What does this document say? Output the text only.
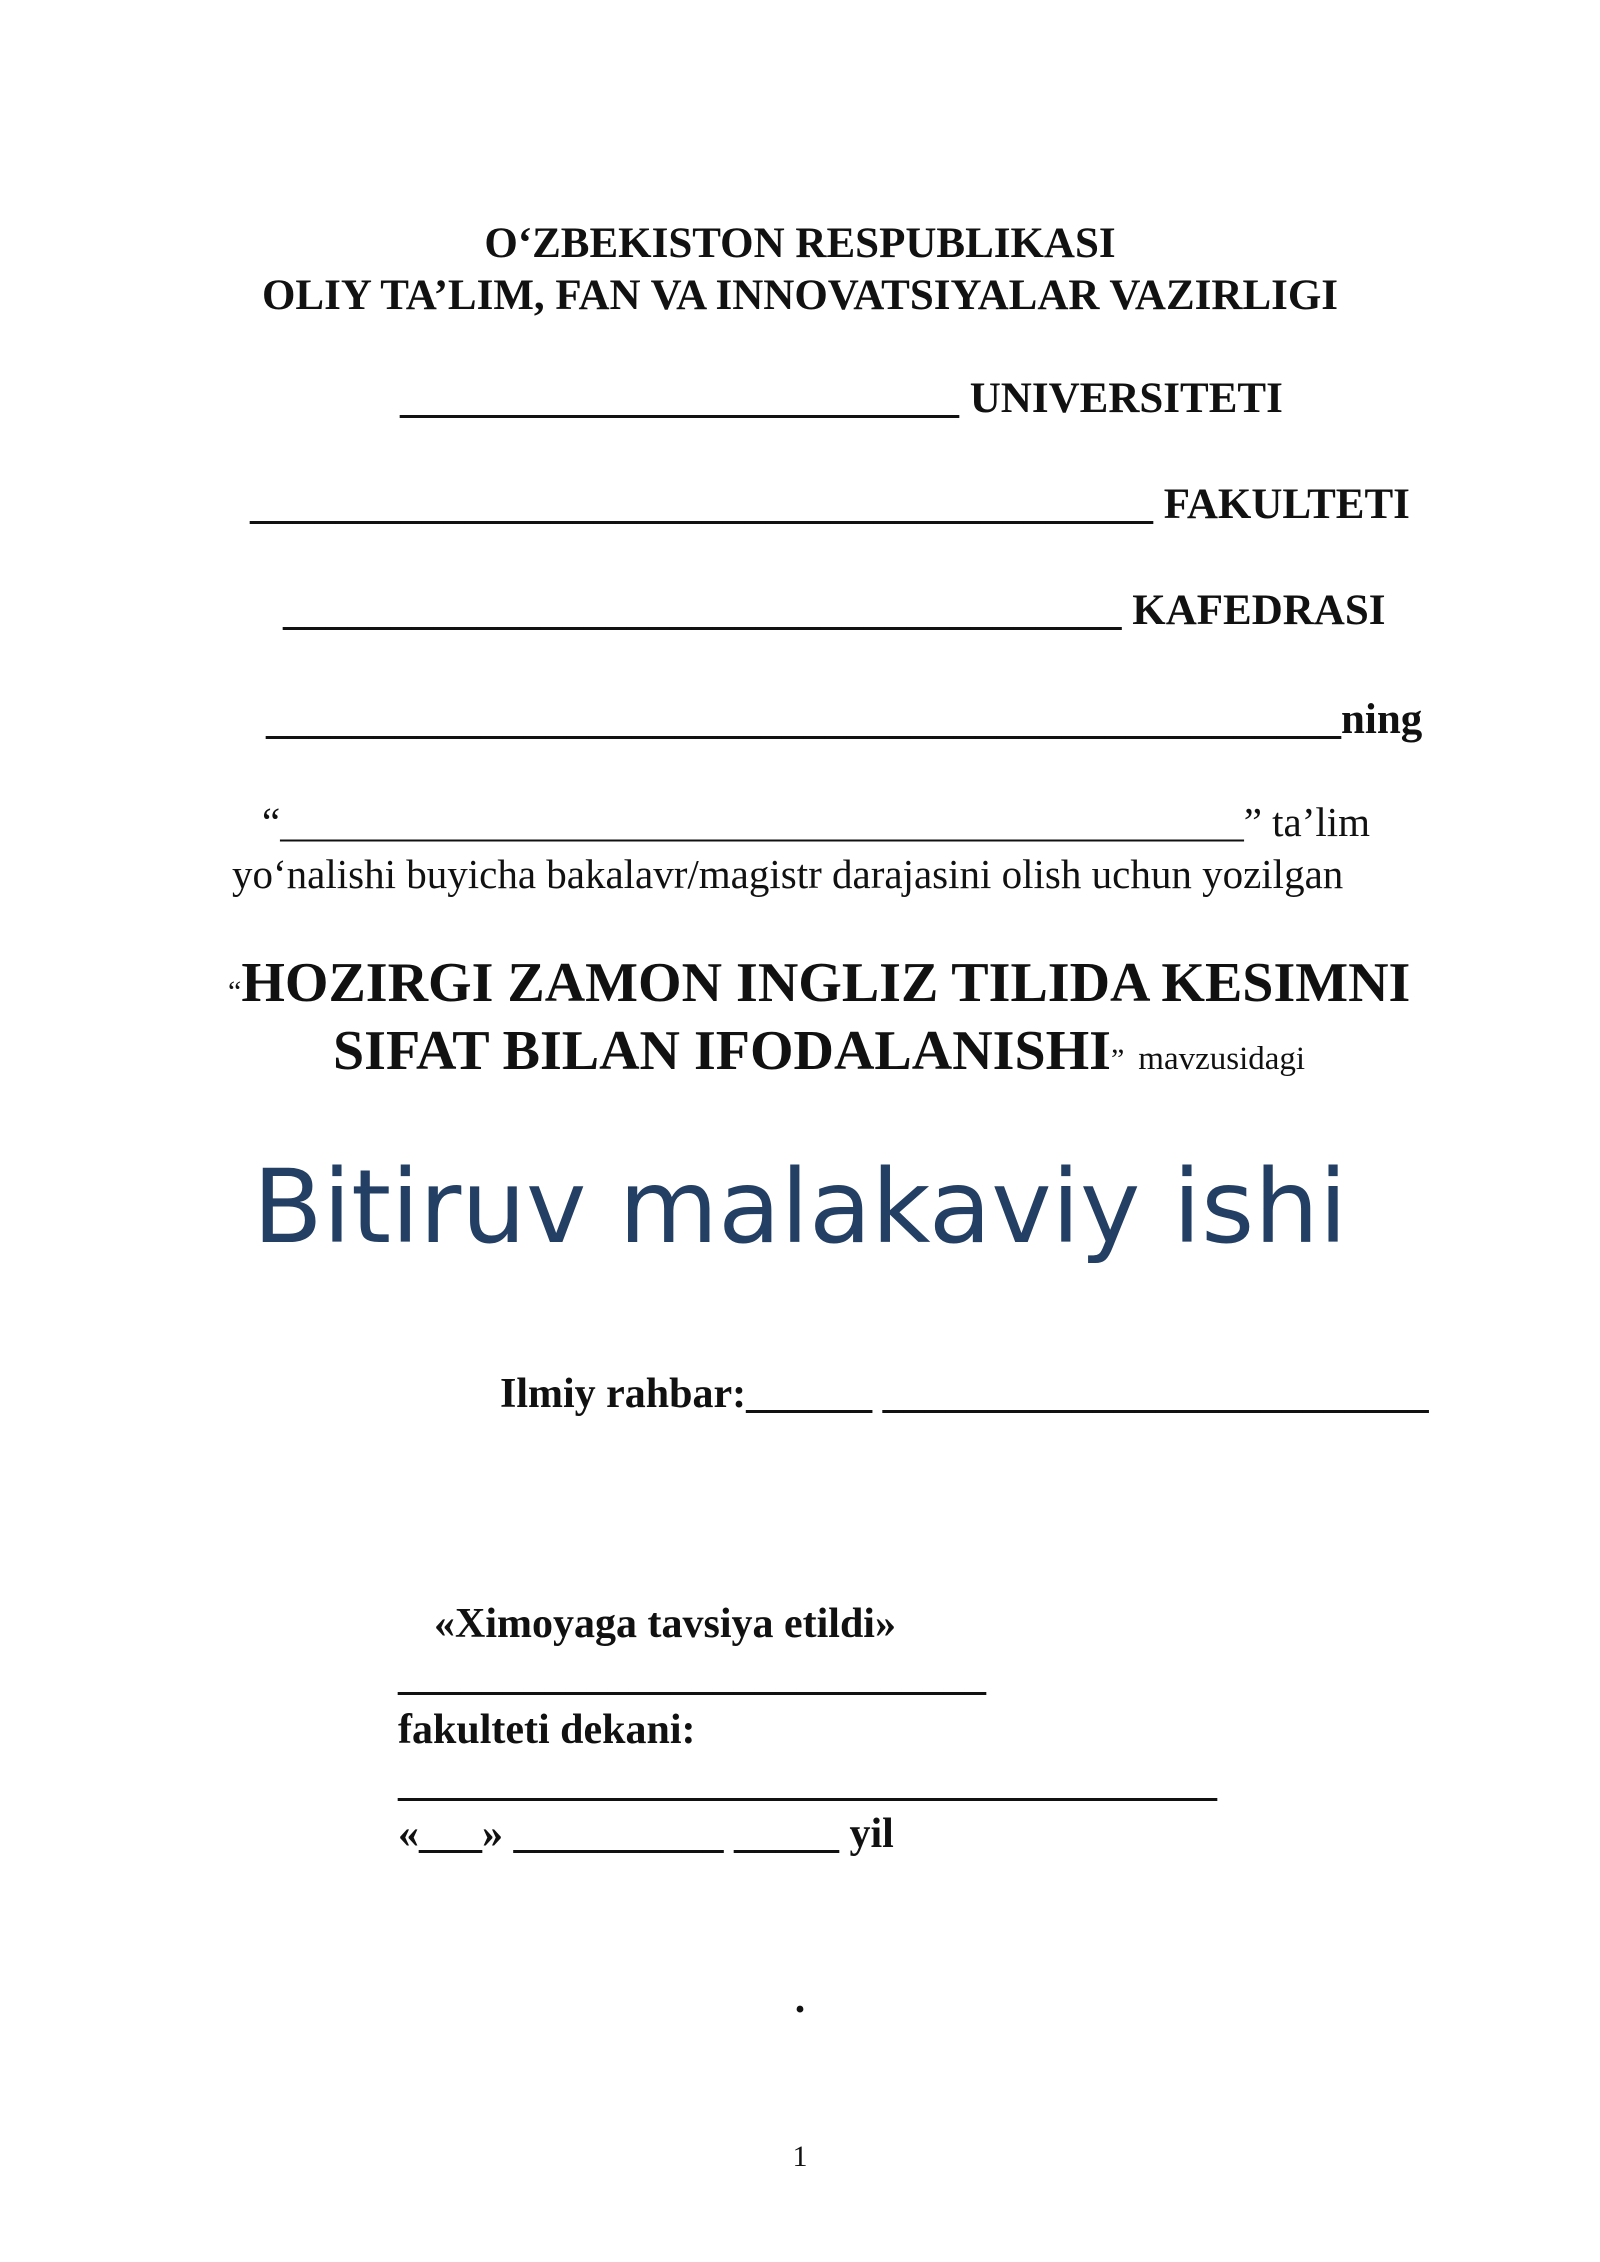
O‘ZBEKISTON RESPUBLIKASI
OLIY TA’LIM, FAN VA INNOVATSIYALAR VAZIRLIGI
__________________________ UNIVERSITETI
__________________________________________ FAKULTETI
_______________________________________ KAFEDRASI
__________________________________________________ning
“_______________________________________________” ta’lim
yo‘nalishi buyicha bakalavr/magistr darajasini olish uchun yozilgan
“HOZIRGI ZAMON INGLIZ TILIDA KESIMNI
SIFAT BILAN IFODALANISHI” mavzusidagi
Bitiruv malakaviy ishi
Ilmiy rahbar:______ __________________________
«Ximoyaga tavsiya etildi»
____________________________
fakulteti dekani:
_______________________________________
«___» __________ _____ yil
.
1
